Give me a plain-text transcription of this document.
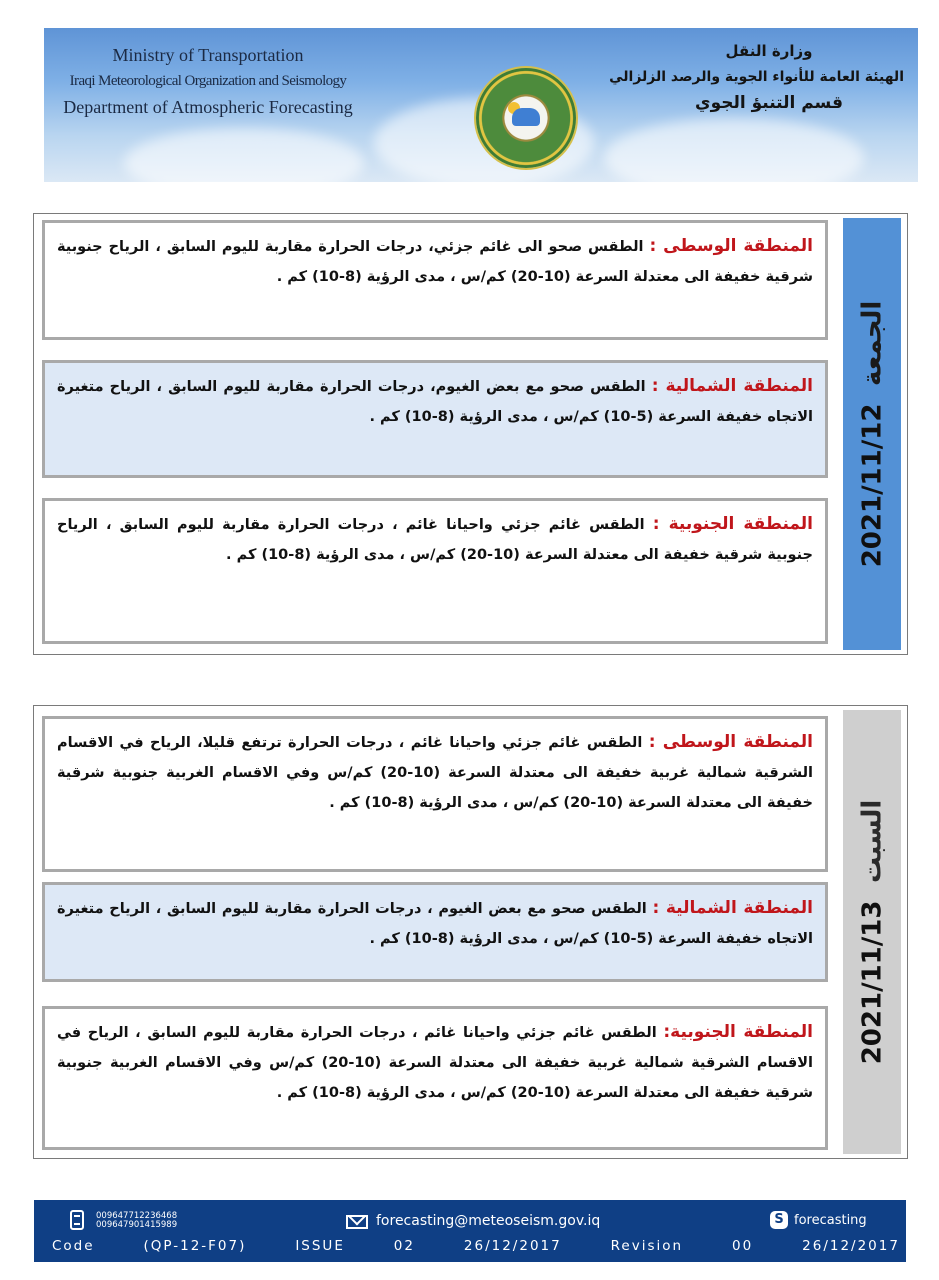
Ministry of Transportation
Iraqi Meteorological Organization and Seismology
Department of Atmospheric Forecasting
وزارة النقل
الهيئة العامة للأنواء الجوية والرصد الزلزالي
قسم التنبؤ الجوي
المنطقة الوسطى : الطقس صحو الى غائم جزئي، درجات الحرارة مقاربة لليوم السابق ، الرياح جنوبية شرقية خفيفة الى معتدلة السرعة (10-20) كم/س ، مدى الرؤية (8-10) كم .
المنطقة الشمالية : الطقس صحو مع بعض الغيوم، درجات الحرارة مقاربة لليوم السابق ، الرياح متغيرة الاتجاه خفيفة السرعة (5-10) كم/س ، مدى الرؤية (8-10) كم .
المنطقة الجنوبية : الطقس غائم جزئي واحيانا غائم ، درجات الحرارة مقاربة لليوم السابق ، الرياح جنوبية شرقية خفيفة الى معتدلة السرعة (10-20) كم/س ، مدى الرؤية (8-10) كم .
الجمعة 2021/11/12
المنطقة الوسطى : الطقس غائم جزئي واحيانا غائم ، درجات الحرارة ترتفع قليلا، الرياح في الاقسام الشرقية شمالية غربية خفيفة الى معتدلة السرعة (10-20) كم/س وفي الاقسام الغربية جنوبية شرقية خفيفة الى معتدلة السرعة (10-20) كم/س ، مدى الرؤية (8-10) كم .
المنطقة الشمالية : الطقس صحو مع بعض الغيوم ، درجات الحرارة مقاربة لليوم السابق ، الرياح متغيرة الاتجاه خفيفة السرعة (5-10) كم/س ، مدى الرؤية (8-10) كم .
المنطقة الجنوبية: الطقس غائم جزئي واحيانا غائم ، درجات الحرارة مقاربة لليوم السابق ، الرياح في الاقسام الشرقية شمالية غربية خفيفة الى معتدلة السرعة (10-20) كم/س وفي الاقسام الغربية جنوبية شرقية خفيفة الى معتدلة السرعة (10-20) كم/س ، مدى الرؤية (8-10) كم .
السبت 2021/11/13
009647712236468
009647901415989	forecasting@meteoseism.gov.iq	S forecasting
Code	(QP-12-F07)	ISSUE	02	26/12/2017	Revision	00	26/12/2017
